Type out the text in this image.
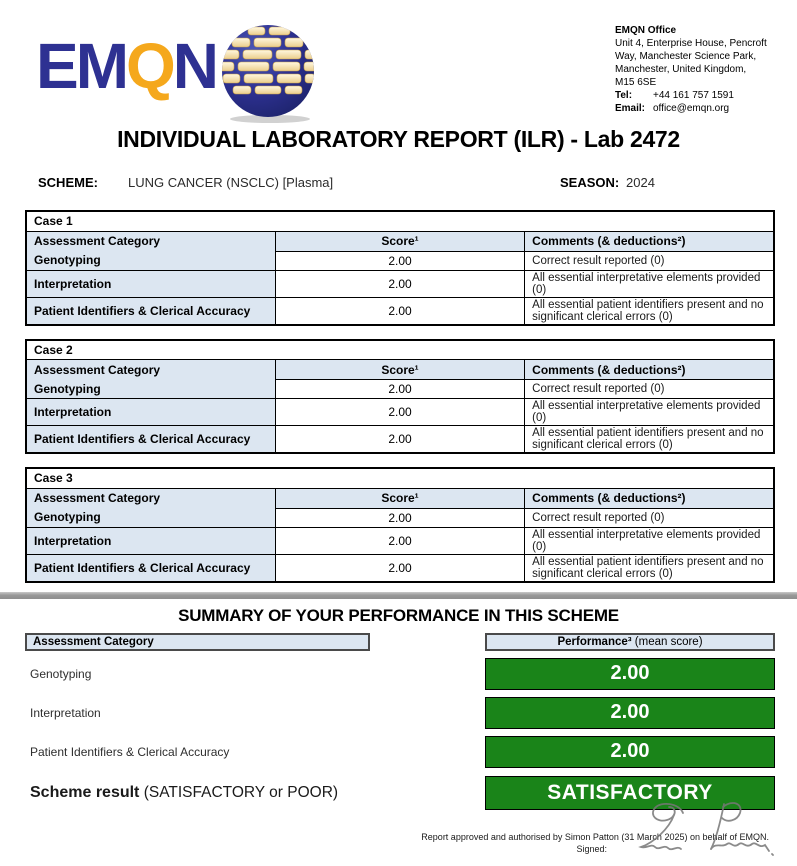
EMQN	EMQN Office
Unit 4, Enterprise House, Pencroft
Way, Manchester Science Park,
Manchester, United Kingdom,
M15 6SE
Tel: +44 161 757 1591
Email: office@emqn.org
INDIVIDUAL LABORATORY REPORT (ILR) - Lab 2472
SCHEME: LUNG CANCER (NSCLC) [Plasma]	SEASON: 2024
Case 1		
Assessment Category	Score¹	Comments (& deductions²)
Genotyping	2.00	Correct result reported (0)
Interpretation	2.00	All essential interpretative elements provided (0)
Patient Identifiers & Clerical Accuracy	2.00	All essential patient identifiers present and no significant clerical errors (0)
Case 2		
Assessment Category	Score¹	Comments (& deductions²)
Genotyping	2.00	Correct result reported (0)
Interpretation	2.00	All essential interpretative elements provided (0)
Patient Identifiers & Clerical Accuracy	2.00	All essential patient identifiers present and no significant clerical errors (0)
Case 3		
Assessment Category	Score¹	Comments (& deductions²)
Genotyping	2.00	Correct result reported (0)
Interpretation	2.00	All essential interpretative elements provided (0)
Patient Identifiers & Clerical Accuracy	2.00	All essential patient identifiers present and no significant clerical errors (0)
SUMMARY OF YOUR PERFORMANCE IN THIS SCHEME
Assessment Category	Performance³ (mean score)
Genotyping	2.00
Interpretation	2.00
Patient Identifiers & Clerical Accuracy	2.00
Scheme result (SATISFACTORY or POOR)	SATISFACTORY
Report approved and authorised by Simon Patton (31 March 2025) on behalf of EMQN.
Signed:
